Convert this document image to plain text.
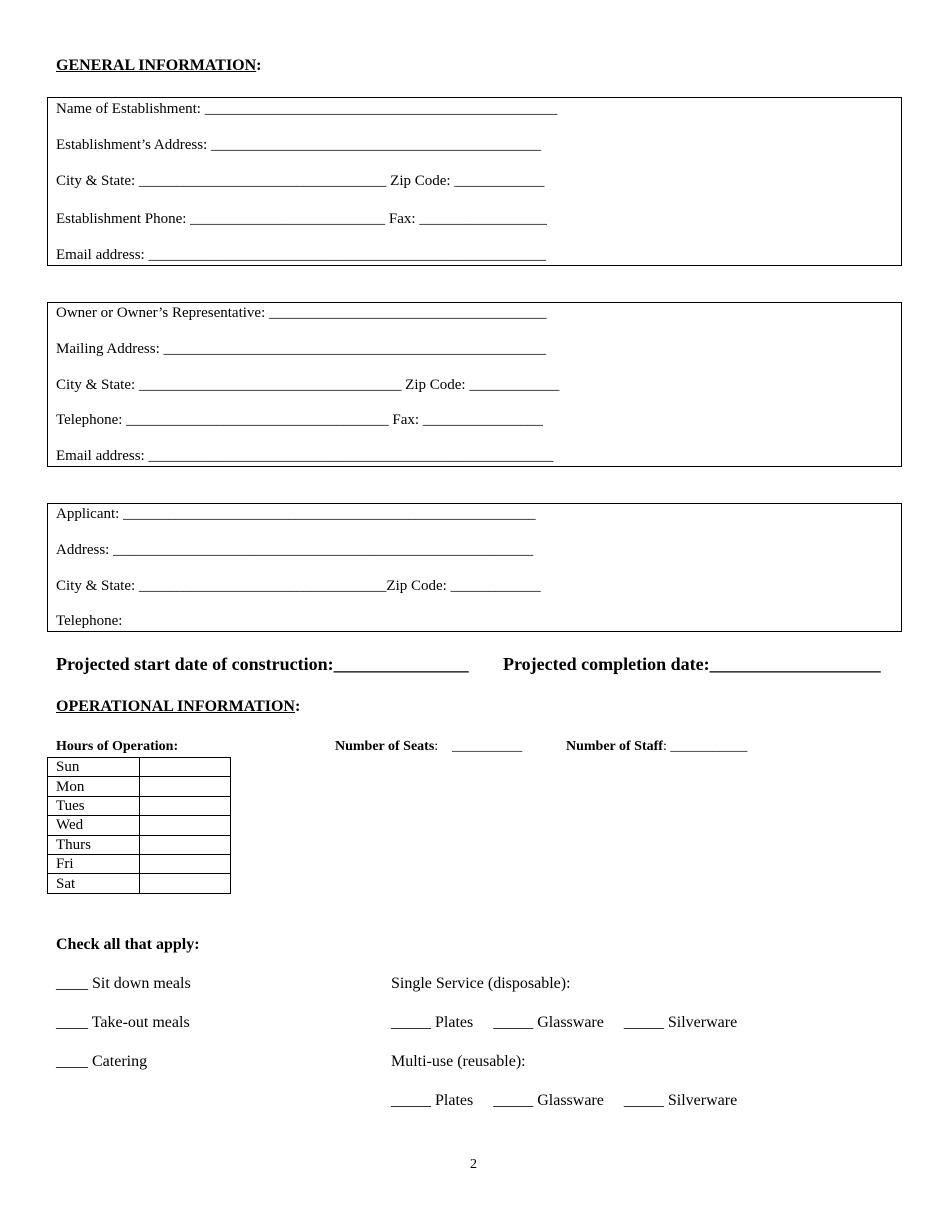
GENERAL INFORMATION:
Name of Establishment: _______________________________________________
Establishment’s Address: ____________________________________________
City & State: _________________________________ Zip Code: ____________
Establishment Phone: __________________________ Fax: _________________
Email address: _____________________________________________________
Owner or Owner’s Representative: _____________________________________
Mailing Address: ___________________________________________________
City & State: ___________________________________ Zip Code: ____________
Telephone: ___________________________________ Fax: ________________
Email address: ______________________________________________________
Applicant: _______________________________________________________
Address: ________________________________________________________
City & State: _________________________________Zip Code: ____________
Telephone:
Projected start date of construction:_______________ Projected completion date:___________________
OPERATIONAL INFORMATION:
Hours of Operation:	Number of Seats:    __________	Number of Staff: ___________
Sun	
Mon	
Tues	
Wed	
Thurs	
Fri	
Sat	
Check all that apply:
____ Sit down meals
____ Take-out meals
____ Catering
Single Service (disposable):
_____ Plates     _____ Glassware     _____ Silverware
Multi-use (reusable):
_____ Plates     _____ Glassware     _____ Silverware
2
